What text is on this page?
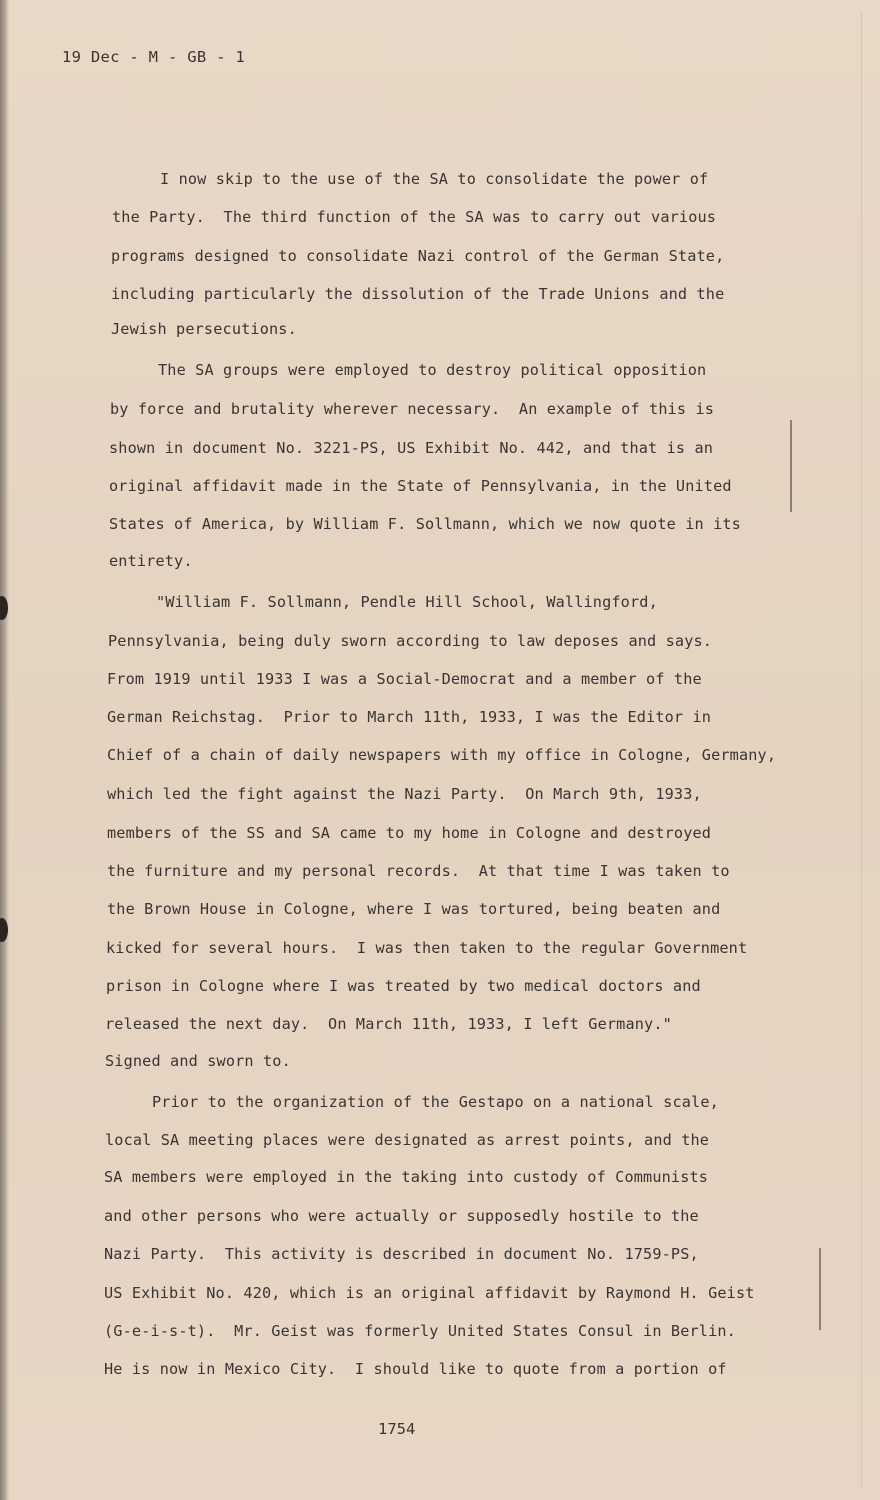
19 Dec - M - GB - 1
I now skip to the use of the SA to consolidate the power of
the Party.  The third function of the SA was to carry out various
programs designed to consolidate Nazi control of the German State,
including particularly the dissolution of the Trade Unions and the
Jewish persecutions.
The SA groups were employed to destroy political opposition
by force and brutality wherever necessary.  An example of this is
shown in document No. 3221-PS, US Exhibit No. 442, and that is an
original affidavit made in the State of Pennsylvania, in the United
States of America, by William F. Sollmann, which we now quote in its
entirety.
"William F. Sollmann, Pendle Hill School, Wallingford,
Pennsylvania, being duly sworn according to law deposes and says.
From 1919 until 1933 I was a Social-Democrat and a member of the
German Reichstag.  Prior to March 11th, 1933, I was the Editor in
Chief of a chain of daily newspapers with my office in Cologne, Germany,
which led the fight against the Nazi Party.  On March 9th, 1933,
members of the SS and SA came to my home in Cologne and destroyed
the furniture and my personal records.  At that time I was taken to
the Brown House in Cologne, where I was tortured, being beaten and
kicked for several hours.  I was then taken to the regular Government
prison in Cologne where I was treated by two medical doctors and
released the next day.  On March 11th, 1933, I left Germany."
Signed and sworn to.
Prior to the organization of the Gestapo on a national scale,
local SA meeting places were designated as arrest points, and the
SA members were employed in the taking into custody of Communists
and other persons who were actually or supposedly hostile to the
Nazi Party.  This activity is described in document No. 1759-PS,
US Exhibit No. 420, which is an original affidavit by Raymond H. Geist
(G-e-i-s-t).  Mr. Geist was formerly United States Consul in Berlin.
He is now in Mexico City.  I should like to quote from a portion of
1754
